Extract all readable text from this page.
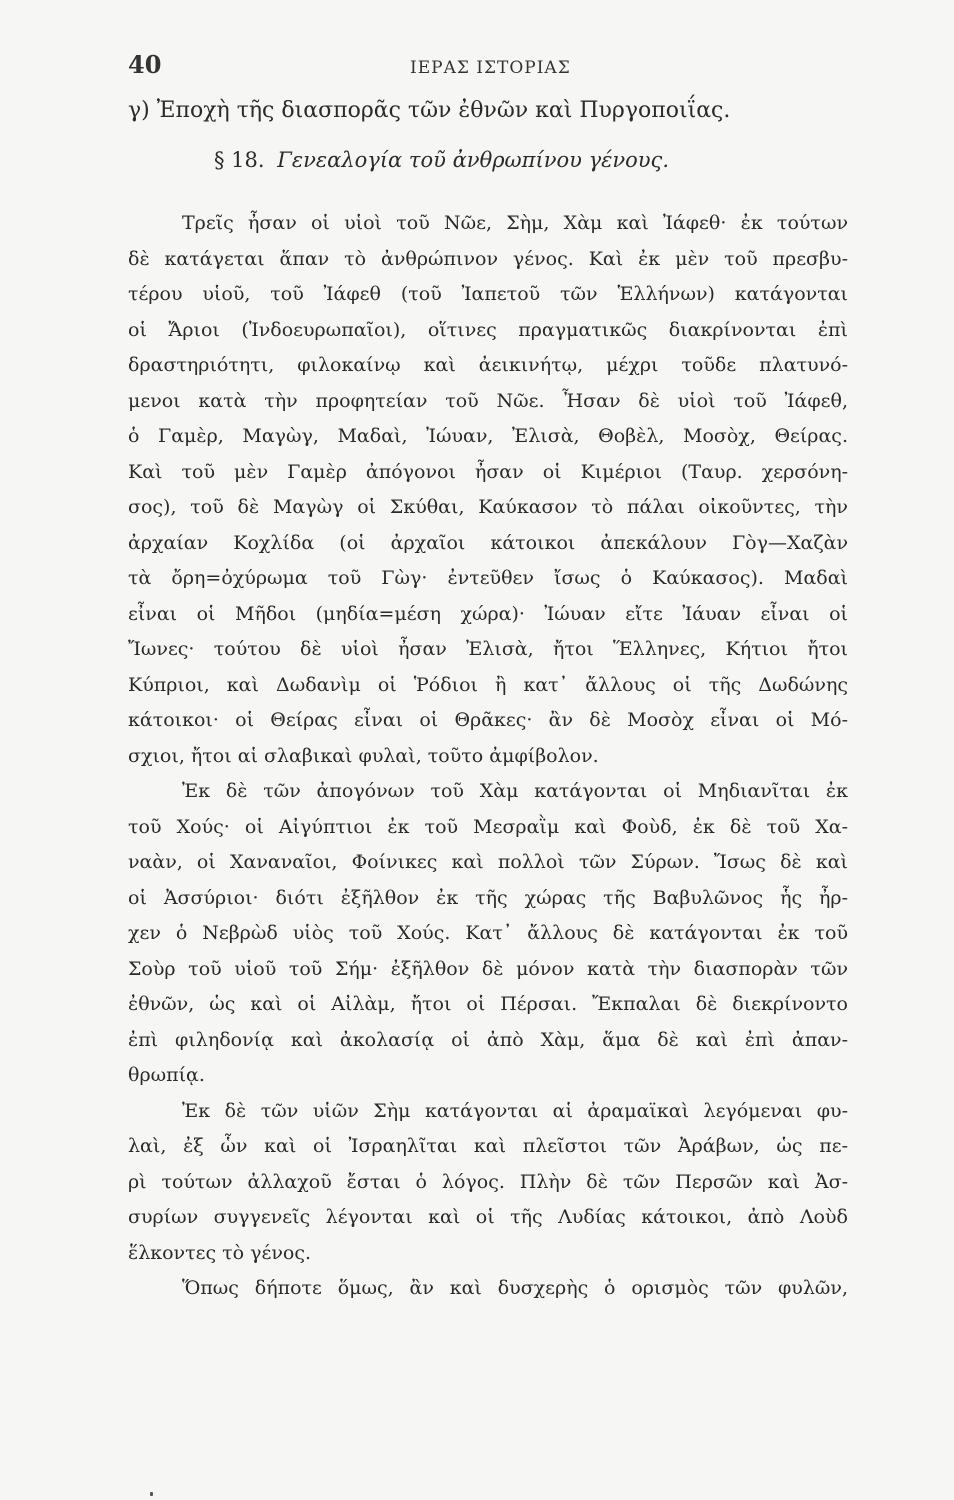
40	ΙΕΡΑΣ ΙΣΤΟΡΙΑΣ
γ) Ἐποχὴ τῆς διασπορᾶς τῶν ἐθνῶν καὶ Πυργοποιΐας.
§ 18. Γενεαλογία τοῦ ἀνθρωπίνου γένους.
Τρεῖς ἦσαν οἱ υἱοὶ τοῦ Νῶε, Σὴμ, Χὰμ καὶ Ἰάφεθ· ἐκ τούτων
δὲ κατάγεται ἅπαν τὸ ἀνθρώπινον γένος. Καὶ ἐκ μὲν τοῦ πρεσβυ-
τέρου υἱοῦ, τοῦ Ἰάφεθ (τοῦ Ἰαπετοῦ τῶν Ἑλλήνων) κατάγονται
οἱ Ἄριοι (Ἰνδοευρωπαῖοι), οἵτινες πραγματικῶς διακρίνονται ἐπὶ
δραστηριότητι, φιλοκαίνῳ καὶ ἀεικινήτῳ, μέχρι τοῦδε πλατυνό-
μενοι κατὰ τὴν προφητείαν τοῦ Νῶε. Ἦσαν δὲ υἱοὶ τοῦ Ἰάφεθ,
ὁ Γαμὲρ, Μαγὼγ, Μαδαὶ, Ἰώυαν, Ἐλισὰ, Θοβὲλ, Μοσὸχ, Θείρας.
Καὶ τοῦ μὲν Γαμὲρ ἀπόγονοι ἦσαν οἱ Κιμέριοι (Ταυρ. χερσόνη-
σος), τοῦ δὲ Μαγὼγ οἱ Σκύθαι, Καύκασον τὸ πάλαι οἰκοῦντες, τὴν
ἀρχαίαν Κοχλίδα (οἱ ἀρχαῖοι κάτοικοι ἀπεκάλουν Γὸγ—Χαζὰν
τὰ ὄρη=ὀχύρωμα τοῦ Γὼγ· ἐντεῦθεν ἴσως ὁ Καύκασος). Μαδαὶ
εἶναι οἱ Μῆδοι (μηδία=μέση χώρα)· Ἰώυαν εἴτε Ἰάυαν εἶναι οἱ
Ἴωνες· τούτου δὲ υἱοὶ ἦσαν Ἐλισὰ, ἤτοι Ἕλληνες, Κήτιοι ἤτοι
Κύπριοι, καὶ Δωδανὶμ οἱ Ῥόδιοι ἢ κατ᾽ ἄλλους οἱ τῆς Δωδώνης
κάτοικοι· οἱ Θείρας εἶναι οἱ Θρᾶκες· ἂν δὲ Μοσὸχ εἶναι οἱ Μό-
σχιοι, ἤτοι αἱ σλαβικαὶ φυλαὶ, τοῦτο ἀμφίβολον.
Ἐκ δὲ τῶν ἀπογόνων τοῦ Χὰμ κατάγονται οἱ Μηδιανῖται ἐκ
τοῦ Χούς· οἱ Αἰγύπτιοι ἐκ τοῦ Μεσραῒμ καὶ Φοὺδ, ἐκ δὲ τοῦ Χα-
ναὰν, οἱ Χαναναῖοι, Φοίνικες καὶ πολλοὶ τῶν Σύρων. Ἴσως δὲ καὶ
οἱ Ἀσσύριοι· διότι ἐξῆλθον ἐκ τῆς χώρας τῆς Βαβυλῶνος ἧς ἦρ-
χεν ὁ Νεβρὼδ υἱὸς τοῦ Χούς. Κατ᾽ ἄλλους δὲ κατάγονται ἐκ τοῦ
Σοὺρ τοῦ υἱοῦ τοῦ Σήμ· ἐξῆλθον δὲ μόνον κατὰ τὴν διασπορὰν τῶν
ἐθνῶν, ὡς καὶ οἱ Αἰλὰμ, ἤτοι οἱ Πέρσαι. Ἔκπαλαι δὲ διεκρίνοντο
ἐπὶ φιληδονίᾳ καὶ ἀκολασίᾳ οἱ ἀπὸ Χὰμ, ἅμα δὲ καὶ ἐπὶ ἀπαν-
θρωπίᾳ.
Ἐκ δὲ τῶν υἱῶν Σὴμ κατάγονται αἱ ἀραμαϊκαὶ λεγόμεναι φυ-
λαὶ, ἐξ ὧν καὶ οἱ Ἰσραηλῖται καὶ πλεῖστοι τῶν Ἀράβων, ὡς πε-
ρὶ τούτων ἀλλαχοῦ ἔσται ὁ λόγος. Πλὴν δὲ τῶν Περσῶν καὶ Ἀσ-
συρίων συγγενεῖς λέγονται καὶ οἱ τῆς Λυδίας κάτοικοι, ἀπὸ Λοὺδ
ἕλκοντες τὸ γένος.
Ὅπως δήποτε ὅμως, ἂν καὶ δυσχερὴς ὁ ορισμὸς τῶν φυλῶν,
